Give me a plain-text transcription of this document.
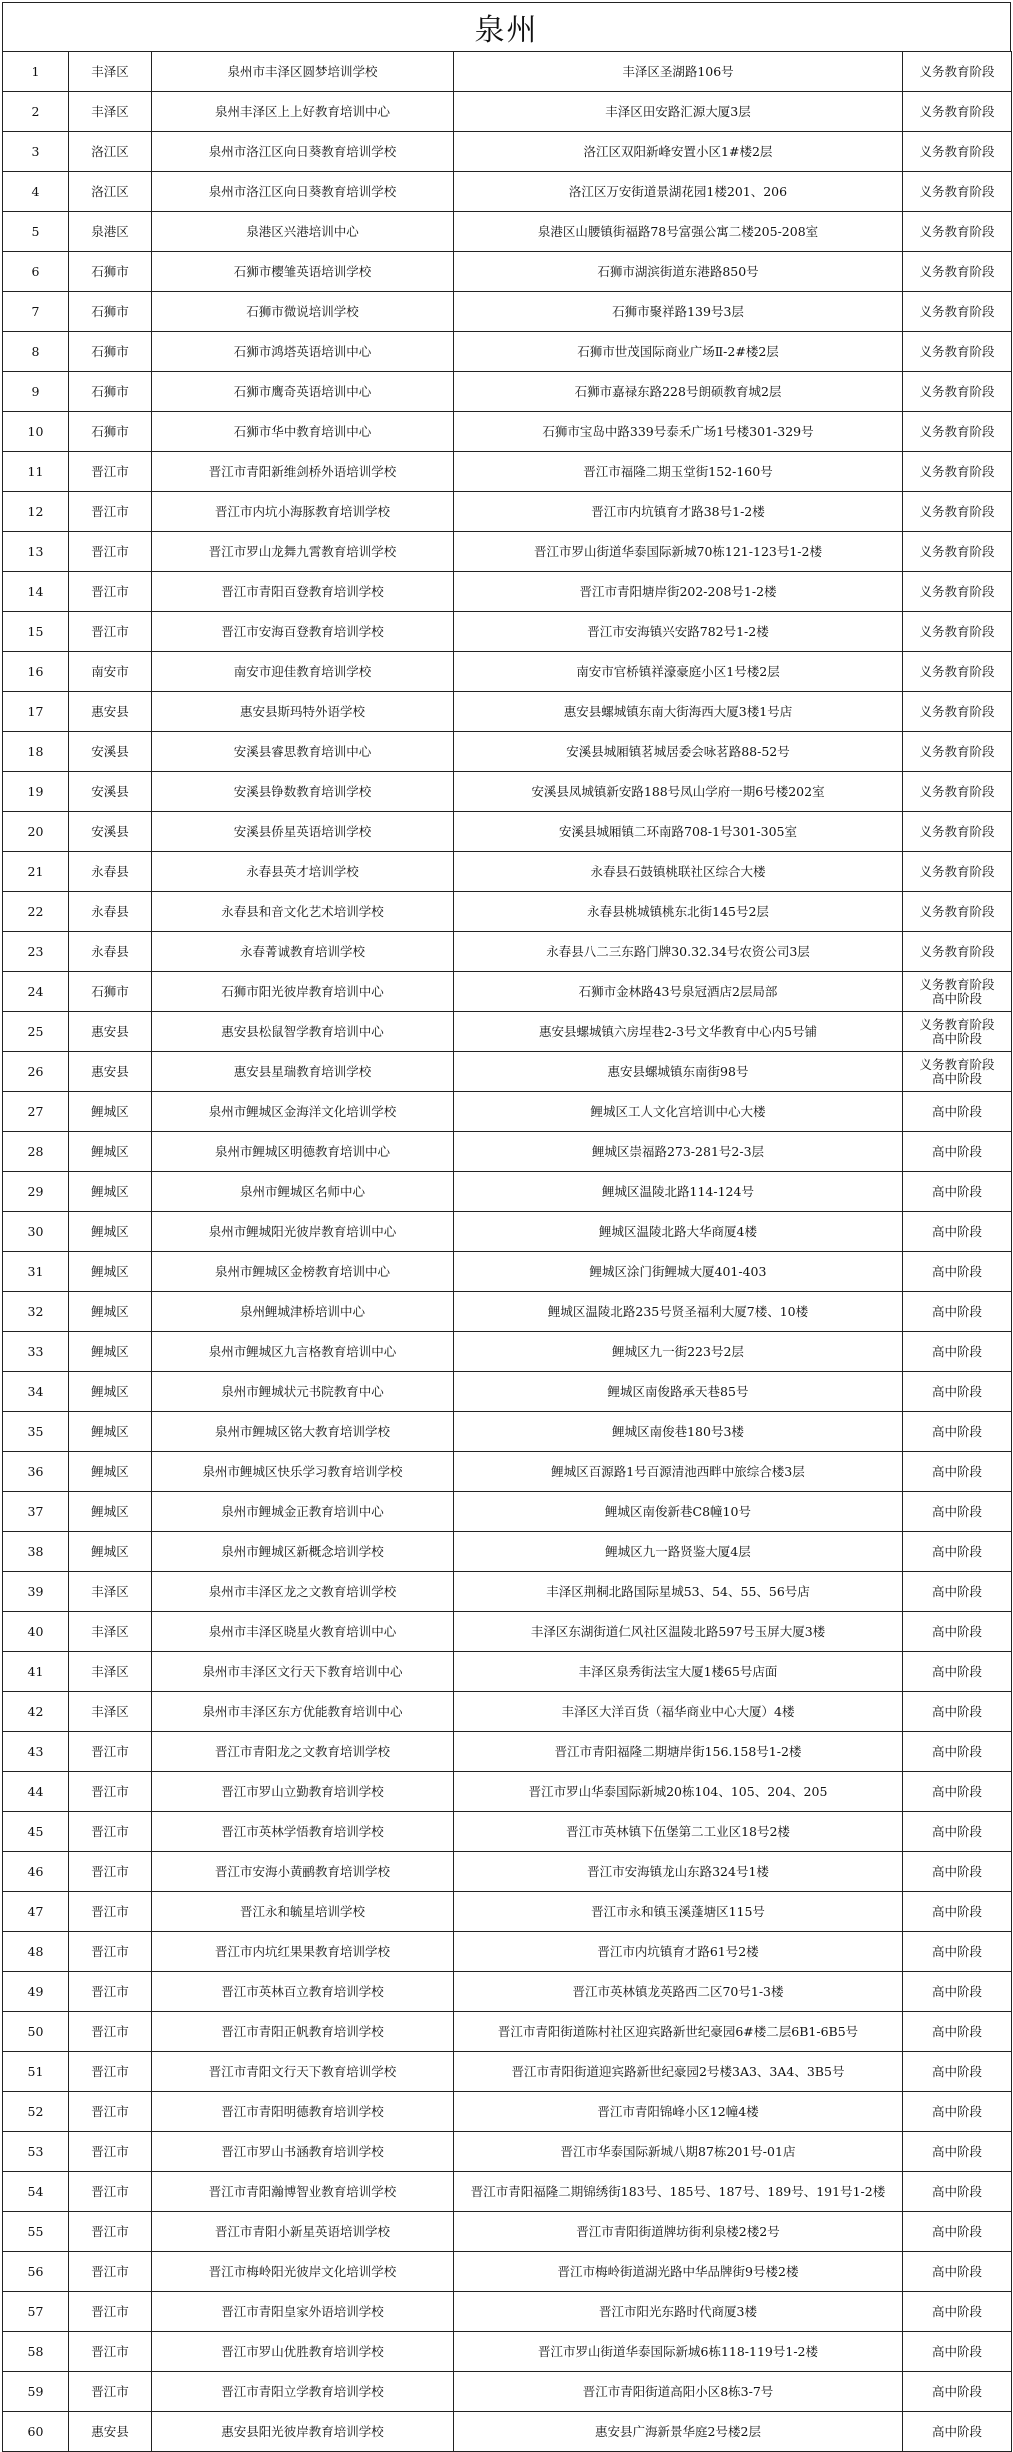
泉州
1	丰泽区	泉州市丰泽区圆梦培训学校	丰泽区圣湖路106号	义务教育阶段
2	丰泽区	泉州丰泽区上上好教育培训中心	丰泽区田安路汇源大厦3层	义务教育阶段
3	洛江区	泉州市洛江区向日葵教育培训学校	洛江区双阳新峰安置小区1#楼2层	义务教育阶段
4	洛江区	泉州市洛江区向日葵教育培训学校	洛江区万安街道景湖花园1楼201、206	义务教育阶段
5	泉港区	泉港区兴港培训中心	泉港区山腰镇街福路78号富强公寓二楼205-208室	义务教育阶段
6	石狮市	石狮市樱雏英语培训学校	石狮市湖滨街道东港路850号	义务教育阶段
7	石狮市	石狮市微说培训学校	石狮市聚祥路139号3层	义务教育阶段
8	石狮市	石狮市鸿塔英语培训中心	石狮市世茂国际商业广场Ⅱ-2#楼2层	义务教育阶段
9	石狮市	石狮市鹰奇英语培训中心	石狮市嘉禄东路228号朗硕教育城2层	义务教育阶段
10	石狮市	石狮市华中教育培训中心	石狮市宝岛中路339号泰禾广场1号楼301-329号	义务教育阶段
11	晋江市	晋江市青阳新维剑桥外语培训学校	晋江市福隆二期玉堂街152-160号	义务教育阶段
12	晋江市	晋江市内坑小海豚教育培训学校	晋江市内坑镇育才路38号1-2楼	义务教育阶段
13	晋江市	晋江市罗山龙舞九霄教育培训学校	晋江市罗山街道华泰国际新城70栋121-123号1-2楼	义务教育阶段
14	晋江市	晋江市青阳百登教育培训学校	晋江市青阳塘岸街202-208号1-2楼	义务教育阶段
15	晋江市	晋江市安海百登教育培训学校	晋江市安海镇兴安路782号1-2楼	义务教育阶段
16	南安市	南安市迎佳教育培训学校	南安市官桥镇祥濠豪庭小区1号楼2层	义务教育阶段
17	惠安县	惠安县斯玛特外语学校	惠安县螺城镇东南大街海西大厦3楼1号店	义务教育阶段
18	安溪县	安溪县睿思教育培训中心	安溪县城厢镇茗城居委会咏茗路88-52号	义务教育阶段
19	安溪县	安溪县铮数教育培训学校	安溪县凤城镇新安路188号凤山学府一期6号楼202室	义务教育阶段
20	安溪县	安溪县侨星英语培训学校	安溪县城厢镇二环南路708-1号301-305室	义务教育阶段
21	永春县	永春县英才培训学校	永春县石鼓镇桃联社区综合大楼	义务教育阶段
22	永春县	永春县和音文化艺术培训学校	永春县桃城镇桃东北街145号2层	义务教育阶段
23	永春县	永春菁诚教育培训学校	永春县八二三东路门牌30.32.34号农资公司3层	义务教育阶段
24	石狮市	石狮市阳光彼岸教育培训中心	石狮市金林路43号泉冠酒店2层局部	义务教育阶段
高中阶段
25	惠安县	惠安县松鼠智学教育培训中心	惠安县螺城镇六房埕巷2-3号文华教育中心内5号铺	义务教育阶段
高中阶段
26	惠安县	惠安县星瑞教育培训学校	惠安县螺城镇东南街98号	义务教育阶段
高中阶段
27	鲤城区	泉州市鲤城区金海洋文化培训学校	鲤城区工人文化宫培训中心大楼	高中阶段
28	鲤城区	泉州市鲤城区明德教育培训中心	鲤城区崇福路273-281号2-3层	高中阶段
29	鲤城区	泉州市鲤城区名师中心	鲤城区温陵北路114-124号	高中阶段
30	鲤城区	泉州市鲤城阳光彼岸教育培训中心	鲤城区温陵北路大华商厦4楼	高中阶段
31	鲤城区	泉州市鲤城区金榜教育培训中心	鲤城区涂门街鲤城大厦401-403	高中阶段
32	鲤城区	泉州鲤城津桥培训中心	鲤城区温陵北路235号贤圣福利大厦7楼、10楼	高中阶段
33	鲤城区	泉州市鲤城区九言格教育培训中心	鲤城区九一街223号2层	高中阶段
34	鲤城区	泉州市鲤城状元书院教育中心	鲤城区南俊路承天巷85号	高中阶段
35	鲤城区	泉州市鲤城区铭大教育培训学校	鲤城区南俊巷180号3楼	高中阶段
36	鲤城区	泉州市鲤城区快乐学习教育培训学校	鲤城区百源路1号百源清池西畔中旅综合楼3层	高中阶段
37	鲤城区	泉州市鲤城金正教育培训中心	鲤城区南俊新巷C8幢10号	高中阶段
38	鲤城区	泉州市鲤城区新概念培训学校	鲤城区九一路贤鉴大厦4层	高中阶段
39	丰泽区	泉州市丰泽区龙之文教育培训学校	丰泽区荆桐北路国际星城53、54、55、56号店	高中阶段
40	丰泽区	泉州市丰泽区晓星火教育培训中心	丰泽区东湖街道仁风社区温陵北路597号玉屏大厦3楼	高中阶段
41	丰泽区	泉州市丰泽区文行天下教育培训中心	丰泽区泉秀街法宝大厦1楼65号店面	高中阶段
42	丰泽区	泉州市丰泽区东方优能教育培训中心	丰泽区大洋百货（福华商业中心大厦）4楼	高中阶段
43	晋江市	晋江市青阳龙之文教育培训学校	晋江市青阳福隆二期塘岸街156.158号1-2楼	高中阶段
44	晋江市	晋江市罗山立勤教育培训学校	晋江市罗山华泰国际新城20栋104、105、204、205	高中阶段
45	晋江市	晋江市英林学悟教育培训学校	晋江市英林镇下伍堡第二工业区18号2楼	高中阶段
46	晋江市	晋江市安海小黄鹂教育培训学校	晋江市安海镇龙山东路324号1楼	高中阶段
47	晋江市	晋江永和毓星培训学校	晋江市永和镇玉溪蓬塘区115号	高中阶段
48	晋江市	晋江市内坑红果果教育培训学校	晋江市内坑镇育才路61号2楼	高中阶段
49	晋江市	晋江市英林百立教育培训学校	晋江市英林镇龙英路西二区70号1-3楼	高中阶段
50	晋江市	晋江市青阳正帆教育培训学校	晋江市青阳街道陈村社区迎宾路新世纪豪园6#楼二层6B1-6B5号	高中阶段
51	晋江市	晋江市青阳文行天下教育培训学校	晋江市青阳街道迎宾路新世纪豪园2号楼3A3、3A4、3B5号	高中阶段
52	晋江市	晋江市青阳明德教育培训学校	晋江市青阳锦峰小区12幢4楼	高中阶段
53	晋江市	晋江市罗山书涵教育培训学校	晋江市华泰国际新城八期87栋201号-01店	高中阶段
54	晋江市	晋江市青阳瀚博智业教育培训学校	晋江市青阳福隆二期锦绣街183号、185号、187号、189号、191号1-2楼	高中阶段
55	晋江市	晋江市青阳小新星英语培训学校	晋江市青阳街道牌坊街利泉楼2楼2号	高中阶段
56	晋江市	晋江市梅岭阳光彼岸文化培训学校	晋江市梅岭街道湖光路中华品牌街9号楼2楼	高中阶段
57	晋江市	晋江市青阳皇家外语培训学校	晋江市阳光东路时代商厦3楼	高中阶段
58	晋江市	晋江市罗山优胜教育培训学校	晋江市罗山街道华泰国际新城6栋118-119号1-2楼	高中阶段
59	晋江市	晋江市青阳立学教育培训学校	晋江市青阳街道高阳小区8栋3-7号	高中阶段
60	惠安县	惠安县阳光彼岸教育培训学校	惠安县广海新景华庭2号楼2层	高中阶段
